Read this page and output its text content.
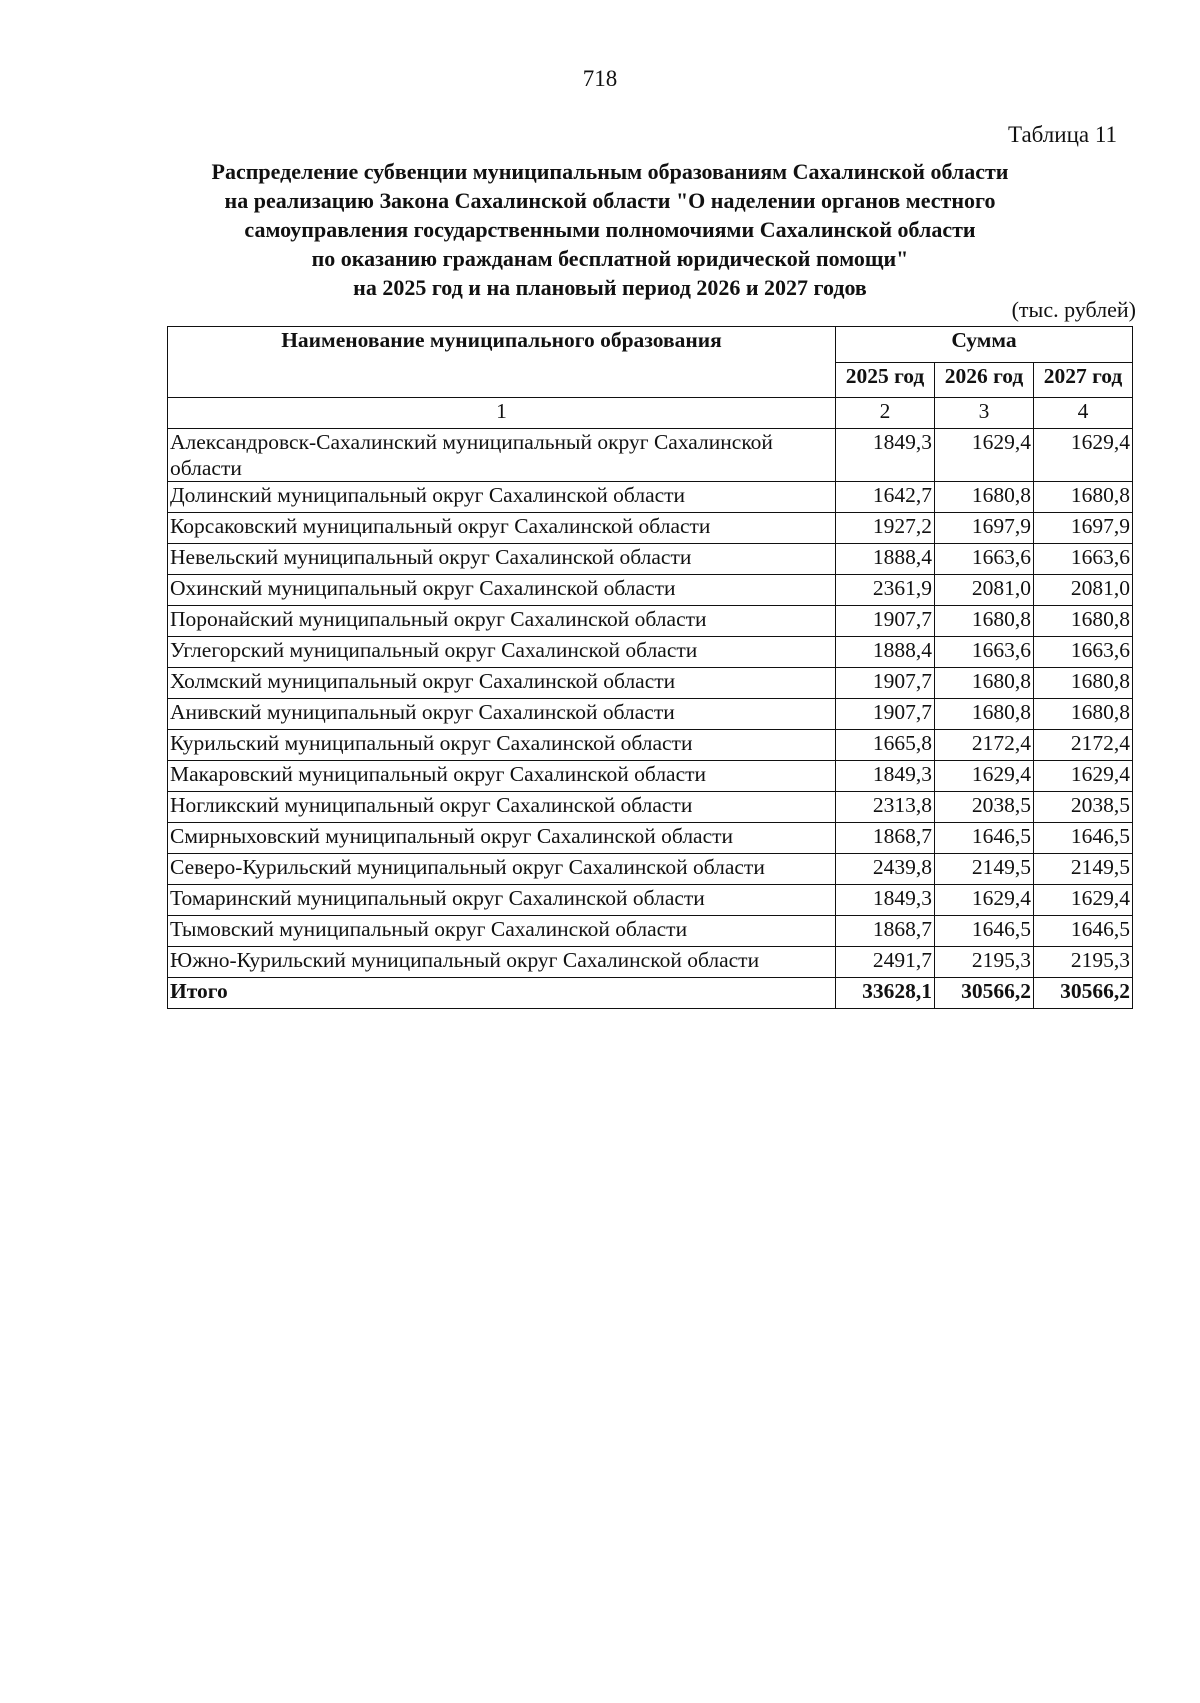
718
Таблица 11
Распределение субвенции муниципальным образованиям Сахалинской области
на реализацию Закона Сахалинской области "О наделении органов местного
самоуправления государственными полномочиями Сахалинской области
по оказанию гражданам бесплатной юридической помощи"
на 2025 год и на плановый период 2026 и 2027 годов
(тыс. рублей)
Наименование муниципального образования	Сумма		
	2025 год	2026 год	2027 год
1	2	3	4
Александровск-Сахалинский муниципальный округ Сахалинской области	1849,3	1629,4	1629,4
Долинский муниципальный округ Сахалинской области	1642,7	1680,8	1680,8
Корсаковский муниципальный округ Сахалинской области	1927,2	1697,9	1697,9
Невельский муниципальный округ Сахалинской области	1888,4	1663,6	1663,6
Охинский муниципальный округ Сахалинской области	2361,9	2081,0	2081,0
Поронайский муниципальный округ Сахалинской области	1907,7	1680,8	1680,8
Углегорский муниципальный округ Сахалинской области	1888,4	1663,6	1663,6
Холмский муниципальный округ Сахалинской области	1907,7	1680,8	1680,8
Анивский муниципальный округ Сахалинской области	1907,7	1680,8	1680,8
Курильский муниципальный округ Сахалинской области	1665,8	2172,4	2172,4
Макаровский муниципальный округ Сахалинской области	1849,3	1629,4	1629,4
Ногликский муниципальный округ Сахалинской области	2313,8	2038,5	2038,5
Смирныховский муниципальный округ Сахалинской области	1868,7	1646,5	1646,5
Северо-Курильский муниципальный округ Сахалинской области	2439,8	2149,5	2149,5
Томаринский муниципальный округ Сахалинской области	1849,3	1629,4	1629,4
Тымовский муниципальный округ Сахалинской области	1868,7	1646,5	1646,5
Южно-Курильский муниципальный округ Сахалинской области	2491,7	2195,3	2195,3
Итого	33628,1	30566,2	30566,2
